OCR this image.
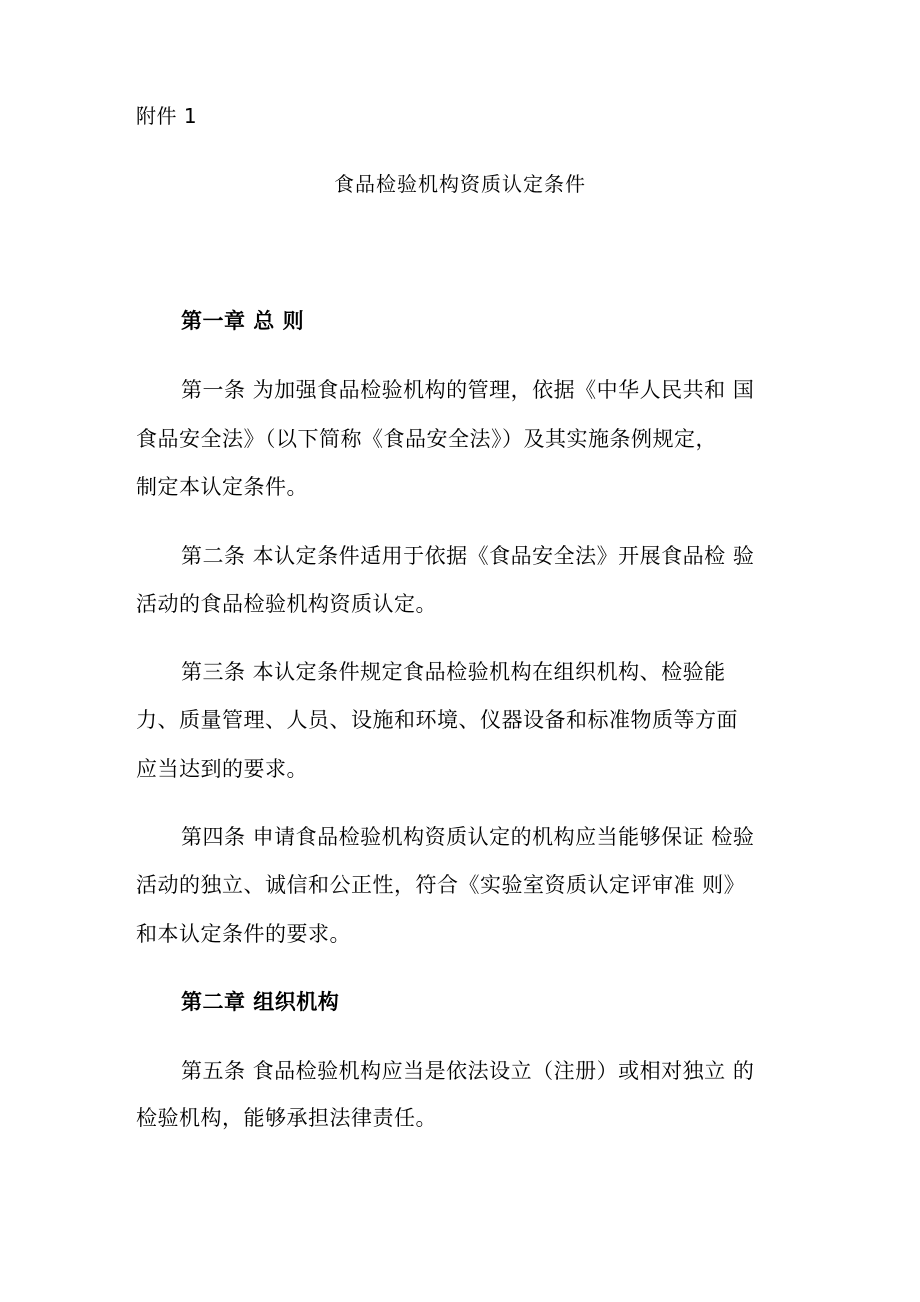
附件 1
食品检验机构资质认定条件
第一章 总 则
第一条 为加强食品检验机构的管理，依据《中华人民共和 国
食品安全法》（以下简称《食品安全法》）及其实施条例规定，
制定本认定条件。
第二条 本认定条件适用于依据《食品安全法》开展食品检 验
活动的食品检验机构资质认定。
第三条 本认定条件规定食品检验机构在组织机构、检验能
力、质量管理、人员、设施和环境、仪器设备和标准物质等方面
应当达到的要求。
第四条 申请食品检验机构资质认定的机构应当能够保证 检验
活动的独立、诚信和公正性，符合《实验室资质认定评审准 则》
和本认定条件的要求。
第二章 组织机构
第五条 食品检验机构应当是依法设立（注册）或相对独立 的
检验机构，能够承担法律责任。
